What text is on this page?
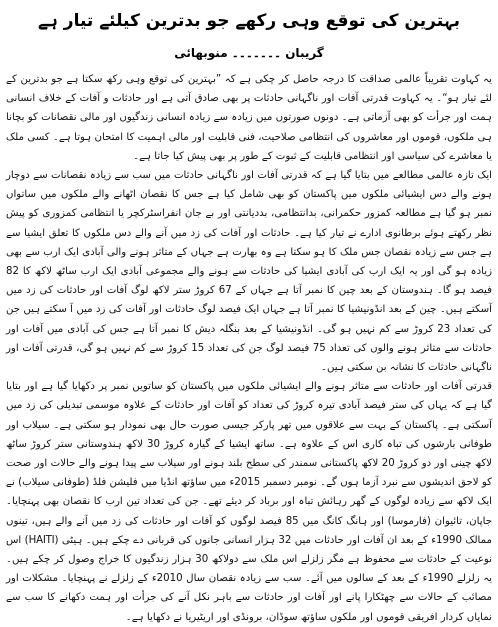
بہترین کی توقع وہی رکھے جو بدترین کیلئے تیار ہے
گریبان ۔۔۔۔۔۔۔ منوبھائی

یہ کہاوت تقریباً عالمی صداقت کا درجہ حاصل کر چکی ہے کہ ”بہترین کی توقع وہی رکھ سکتا ہے جو بدترین کے لئے تیار ہو“۔ یہ کہاوت قدرتی آفات اور ناگہانی حادثات پر بھی صادق آتی ہے اور حادثات و آفات کے خلاف انسانی ہمت اور جرأت کو بھی آزماتی ہے۔ دونوں صورتوں میں زیادہ سے زیادہ انسانی زندگیوں اور مالی نقصانات کو بچانا ہی ملکوں، قوموں اور معاشروں کی انتظامی صلاحیت، فنی قابلیت اور مالی اہمیت کا امتحان ہوتا ہے۔ کسی ملک یا معاشرے کی سیاسی اور انتظامی قابلیت کے ثبوت کے طور پر بھی پیش کیا جاتا ہے۔

ایک تازہ عالمی مطالعے میں بتایا گیا ہے کہ قدرتی آفات اور ناگہانی حادثات میں سب سے زیادہ نقصانات سے دوچار ہونے والے دس ایشیائی ملکوں میں پاکستان کو بھی شامل کیا ہے جس کا نقصان اٹھانے والے ملکوں میں ساتواں نمبر ہو گیا ہے مطالعہ کمزور حکمرانی، بدانتظامی، بددیانتی اور بے جان انفراسٹرکچر یا انتظامی کمزوری کو پیش نظر رکھتے ہوئے برطانوی ادارے نے تیار کیا ہے۔ حادثات اور آفات کی زد میں آنے والے دس ملکوں کا تعلق ایشیا سے ہے جس سے زیادہ نقصان جس ملک کا ہو سکتا ہے وہ بھارت ہے جہاں کے متاثر ہونے والی آبادی ایک ارب سے بھی زیادہ ہو گی اور یہ ایک ارب کی آبادی ایشیا کی حادثات سے ہونے والے مجموعی آبادی ایک ارب ساٹھ لاکھ کا 82 فیصد ہو گا۔ ہندوستان کے بعد چین کا نمبر آتا ہے جہاں کے 67 کروڑ ستر لاکھ لوگ آفات اور حادثات کی زد میں آسکتے ہیں۔ چین کے بعد انڈونیشیا کا نمبر آتا ہے جہاں ایک فیصد لوگ حادثات اور آفات کی زد میں آ سکتے ہیں جن کی تعداد 23 کروڑ سے کم نہیں ہو گی۔ انڈونیشیا کے بعد بنگلہ دیش کا نمبر آتا ہے جس کی آبادی میں آفات اور حادثات سے متاثر ہونے والوں کی تعداد 75 فیصد لوگ جن کی تعداد 15 کروڑ سے کم نہیں ہو گی، قدرتی آفات اور ناگہانی حادثات کا نشانہ بن سکتی ہیں۔

قدرتی آفات اور حادثات سے متاثر ہونے والے ایشیائی ملکوں میں پاکستان کو ساتویں نمبر پر دکھایا گیا ہے اور بتایا گیا ہے کہ یہاں کی ستر فیصد آبادی تیرہ کروڑ کی تعداد کو آفات اور حادثات کے علاوہ موسمی تبدیلی کی زد میں آسکتی ہے۔ پاکستان کے بہت سے علاقوں میں تھر پارکر جیسی صورت حال بھی نمودار ہو سکتی ہے۔ سیلاب اور طوفانی بارشوں کی تباہ کاری اس کے علاوہ ہے۔ ساتھ ایشیا کے گیارہ کروڑ 30 لاکھ ہندوستانی ستر کروڑ ساٹھ لاکھ چینی اور دو کروڑ 20 لاکھ پاکستانی سمندر کی سطح بلند ہونے اور سیلاب سے پیدا ہونے والے حالات اور صحت کو لاحق اندیشوں سے نبرد آزما ہوں گے۔ نومبر دسمبر 2015ء میں ساؤتھ انڈیا میں فلیشن فلڈ (طوفانی سیلاب) نے ایک لاکھ سے زیادہ لوگوں کے گھر رہائش تباہ اور برباد کر دیئے تھے۔ جن کی تعداد تین ارب کا نقصان بھی پہنچایا۔ جاپان، تائیوان (فارموسا) اور ہانگ کانگ میں 85 فیصد لوگوں کو آفات اور حادثات کی زد میں آنے والے ہیں، تینوں ممالک 1990ء کے بعد ان آفات اور حادثات میں 32 ہزار انسانی جانوں کی قربانی دے چکے ہیں۔ ہیٹی (HAITI) اس نوعیت کے حادثات سے محفوظ ہے مگر زلزلے اس ملک سے دولاکھ 30 ہزار زندگیوں کا خراج وصول کر چکے ہیں۔ یہ زلزلے 1990ء کے بعد کے سالوں میں آئے۔ سب سے زیادہ نقصان سال 2010ء کے زلزلے نے پہنچایا۔ مشکلات اور مصائب کے حالات سے چھٹکارا پانے اور آفات اور حادثات سے باہر نکل آنے کی جرأت اور ہمت دکھانے کا سب سے نمایاں کردار افریقی قوموں اور ملکوں ساؤتھ سوڈان، برونڈی اور اریٹیریا نے دکھایا ہے۔
